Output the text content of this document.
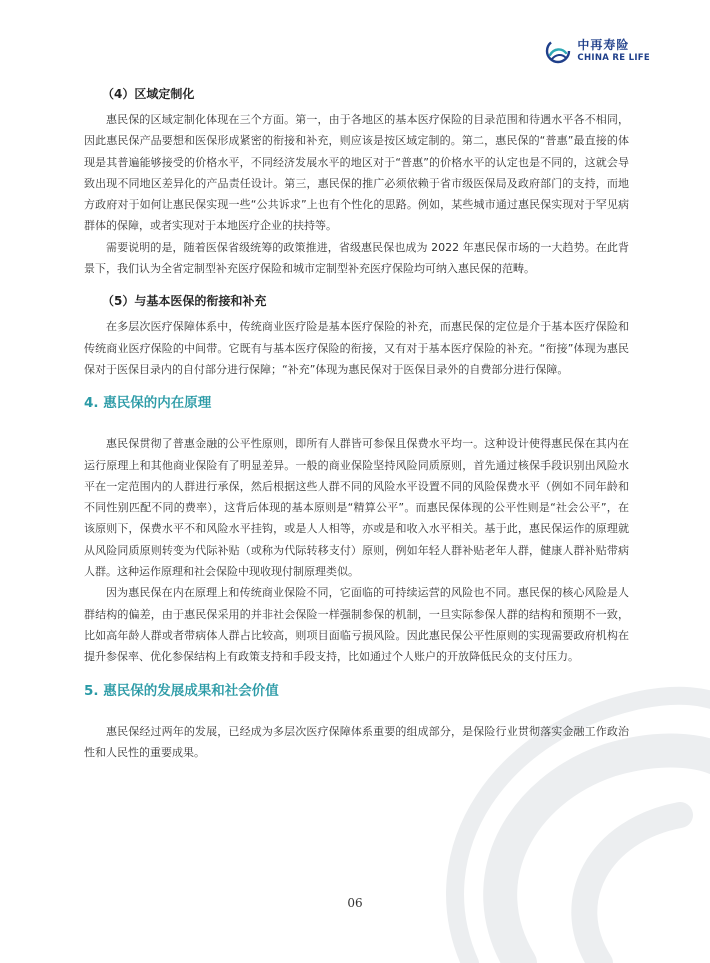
中再寿险
CHINA RE LIFE
（4）区域定制化

惠民保的区域定制化体现在三个方面。第一，由于各地区的基本医疗保险的目录范围和待遇水平各不相同，因此惠民保产品要想和医保形成紧密的衔接和补充，则应该是按区域定制的。第二，惠民保的“普惠”最直接的体现是其普遍能够接受的价格水平，不同经济发展水平的地区对于“普惠”的价格水平的认定也是不同的，这就会导致出现不同地区差异化的产品责任设计。第三，惠民保的推广必须依赖于省市级医保局及政府部门的支持，而地方政府对于如何让惠民保实现一些“公共诉求”上也有个性化的思路。例如，某些城市通过惠民保实现对于罕见病群体的保障，或者实现对于本地医疗企业的扶持等。

需要说明的是，随着医保省级统筹的政策推进，省级惠民保也成为 2022 年惠民保市场的一大趋势。在此背景下，我们认为全省定制型补充医疗保险和城市定制型补充医疗保险均可纳入惠民保的范畴。

（5）与基本医保的衔接和补充

在多层次医疗保障体系中，传统商业医疗险是基本医疗保险的补充，而惠民保的定位是介于基本医疗保险和传统商业医疗保险的中间带。它既有与基本医疗保险的衔接，又有对于基本医疗保险的补充。“衔接”体现为惠民保对于医保目录内的自付部分进行保障；“补充”体现为惠民保对于医保目录外的自费部分进行保障。

4. 惠民保的内在原理

惠民保贯彻了普惠金融的公平性原则，即所有人群皆可参保且保费水平均一。这种设计使得惠民保在其内在运行原理上和其他商业保险有了明显差异。一般的商业保险坚持风险同质原则，首先通过核保手段识别出风险水平在一定范围内的人群进行承保，然后根据这些人群不同的风险水平设置不同的风险保费水平（例如不同年龄和不同性别匹配不同的费率），这背后体现的基本原则是“精算公平”。而惠民保体现的公平性则是“社会公平”，在该原则下，保费水平不和风险水平挂钩，或是人人相等，亦或是和收入水平相关。基于此，惠民保运作的原理就从风险同质原则转变为代际补贴（或称为代际转移支付）原则，例如年轻人群补贴老年人群，健康人群补贴带病人群。这种运作原理和社会保险中现收现付制原理类似。

因为惠民保在内在原理上和传统商业保险不同，它面临的可持续运营的风险也不同。惠民保的核心风险是人群结构的偏差，由于惠民保采用的并非社会保险一样强制参保的机制，一旦实际参保人群的结构和预期不一致，比如高年龄人群或者带病体人群占比较高，则项目面临亏损风险。因此惠民保公平性原则的实现需要政府机构在提升参保率、优化参保结构上有政策支持和手段支持，比如通过个人账户的开放降低民众的支付压力。

5. 惠民保的发展成果和社会价值

惠民保经过两年的发展，已经成为多层次医疗保障体系重要的组成部分，是保险行业贯彻落实金融工作政治性和人民性的重要成果。

06
